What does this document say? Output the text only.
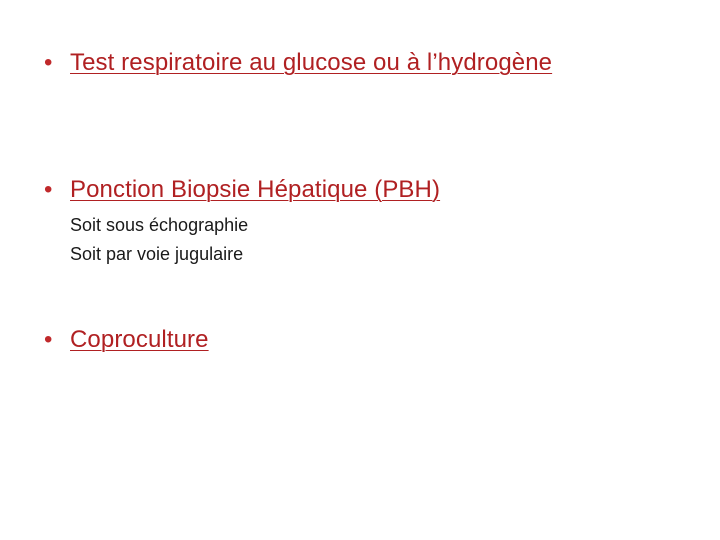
• Test respiratoire au glucose ou à l’hydrogène
• Ponction Biopsie Hépatique (PBH)
Soit sous échographie
Soit par voie jugulaire
• Coproculture
